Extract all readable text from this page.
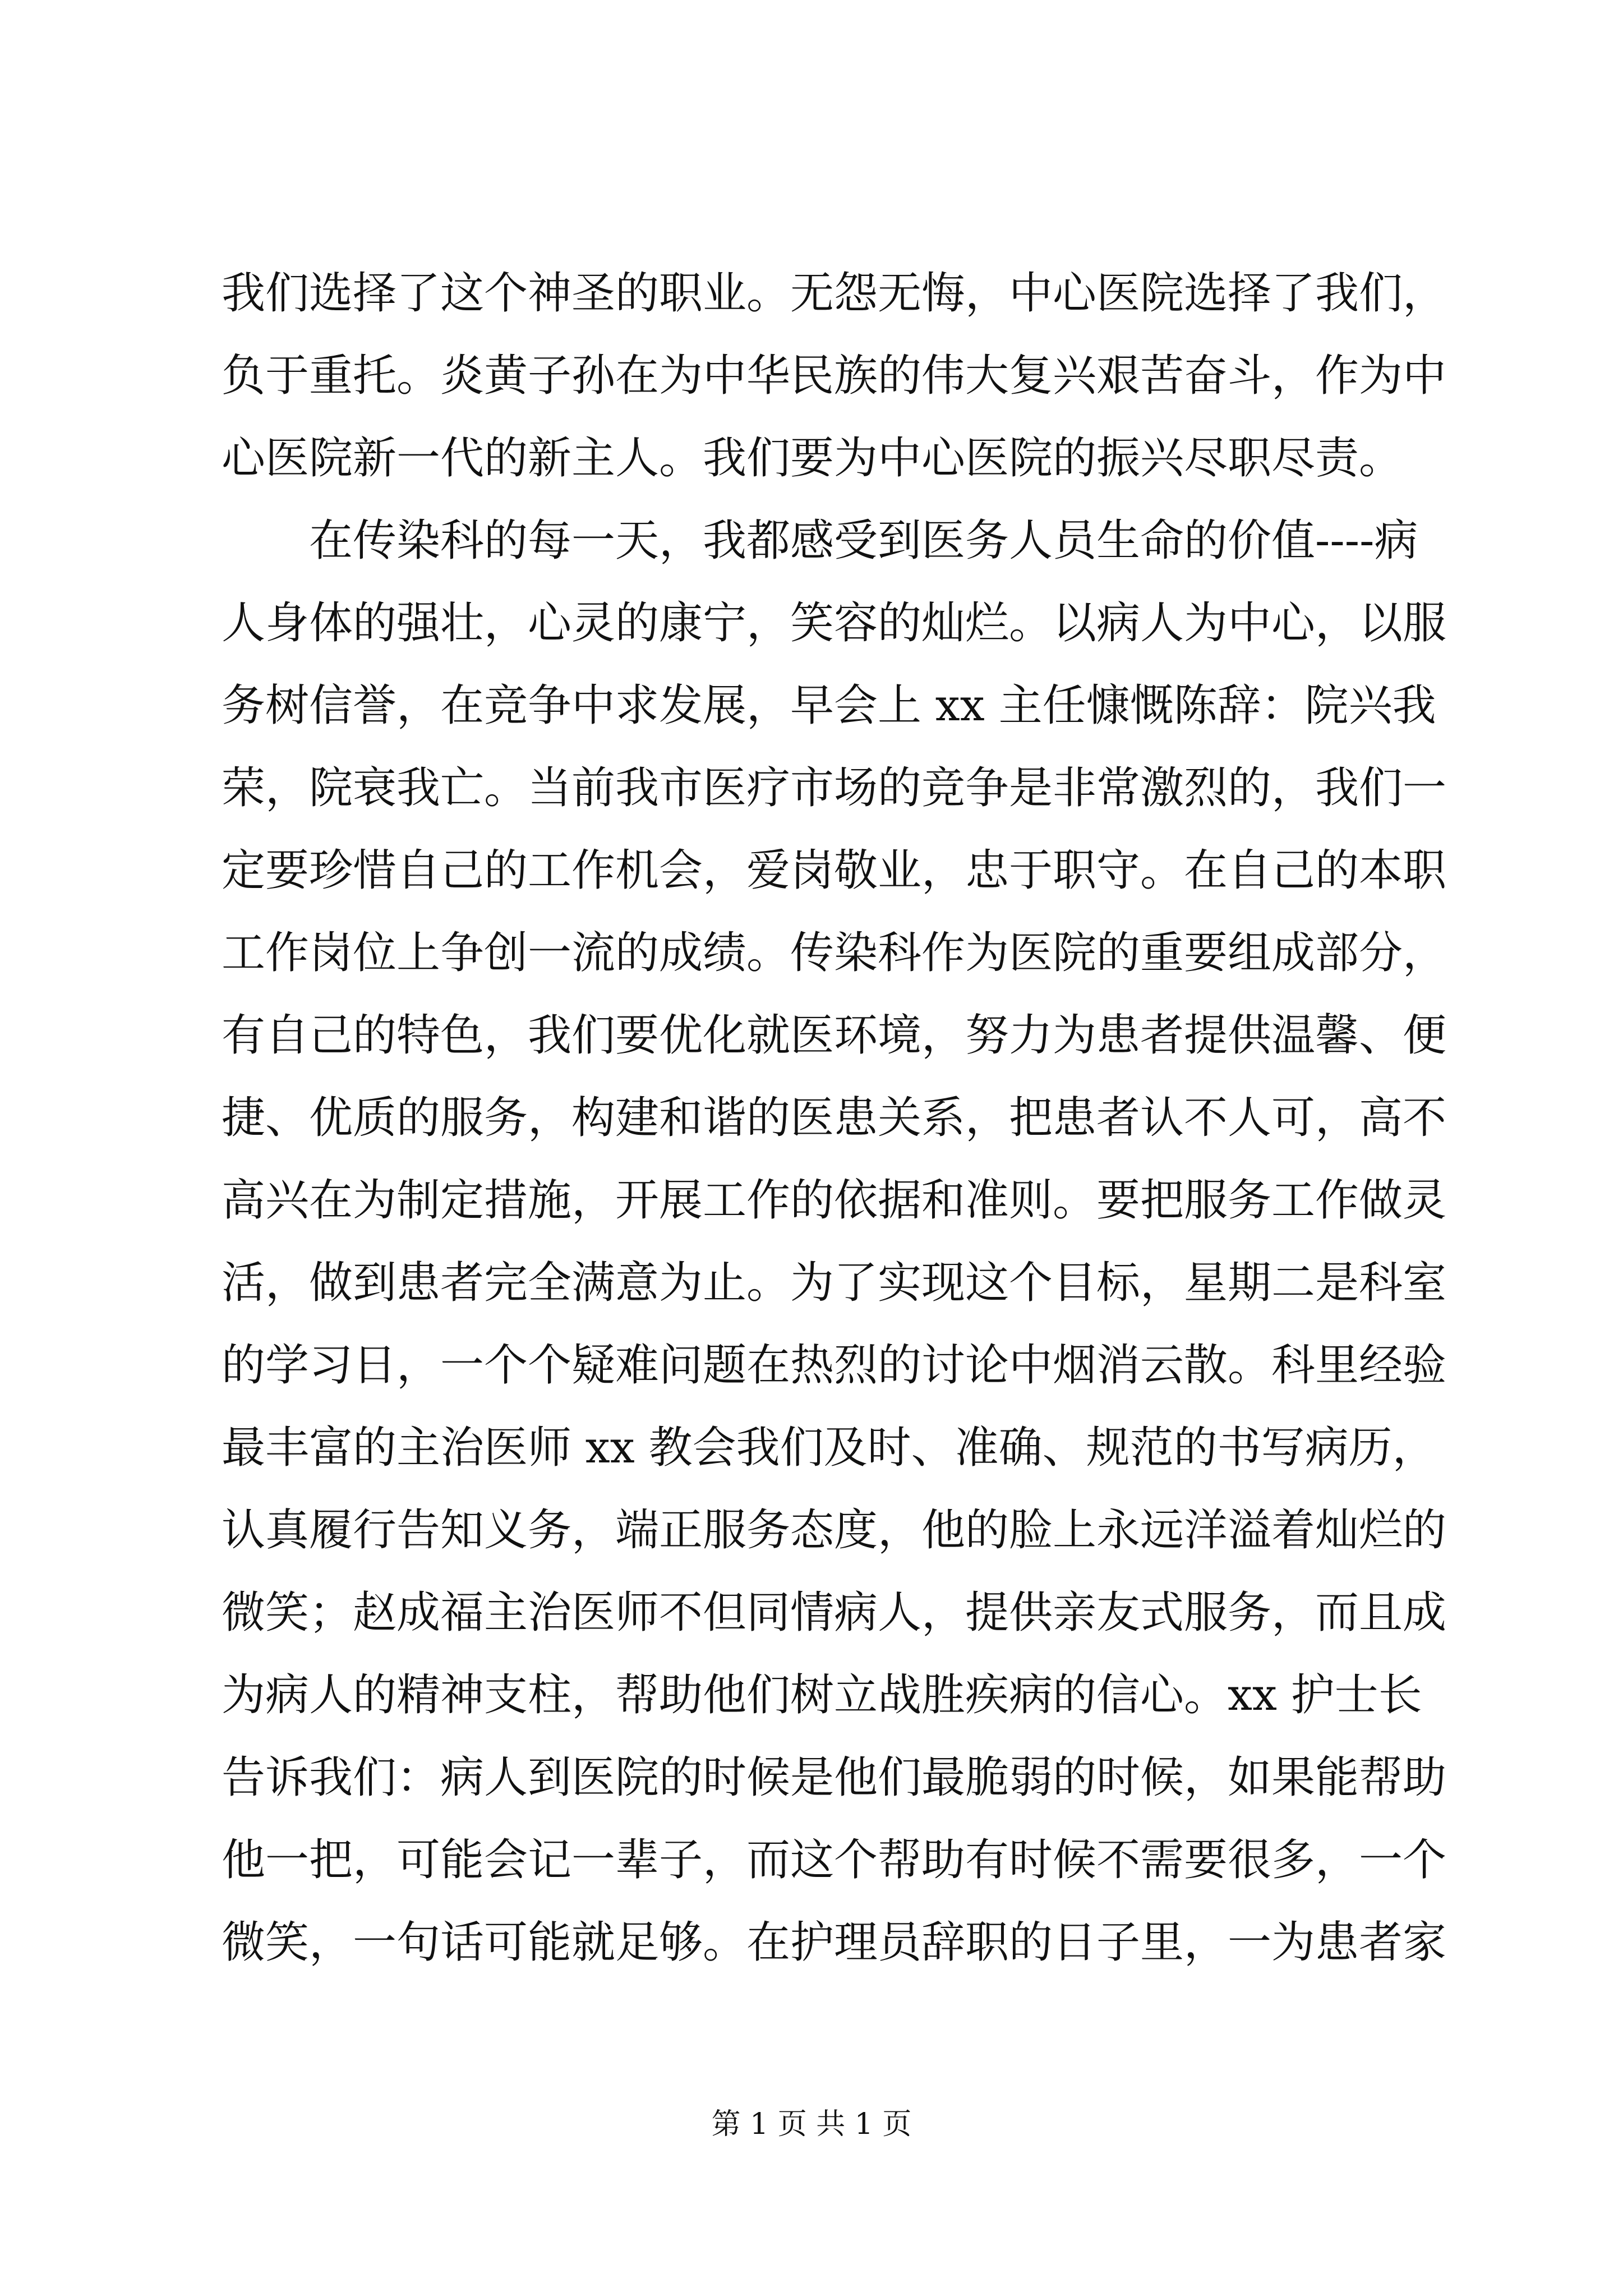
我们选择了这个神圣的职业。无怨无悔，中心医院选择了我们，
负于重托。炎黄子孙在为中华民族的伟大复兴艰苦奋斗，作为中
心医院新一代的新主人。我们要为中心医院的振兴尽职尽责。
在传染科的每一天，我都感受到医务人员生命的价值----病
人身体的强壮，心灵的康宁，笑容的灿烂。以病人为中心，以服
务树信誉，在竞争中求发展，早会上 xx 主任慷慨陈辞：院兴我
荣，院衰我亡。当前我市医疗市场的竞争是非常激烈的，我们一
定要珍惜自己的工作机会，爱岗敬业，忠于职守。在自己的本职
工作岗位上争创一流的成绩。传染科作为医院的重要组成部分，
有自己的特色，我们要优化就医环境，努力为患者提供温馨、便
捷、优质的服务，构建和谐的医患关系，把患者认不人可，高不
高兴在为制定措施，开展工作的依据和准则。要把服务工作做灵
活，做到患者完全满意为止。为了实现这个目标，星期二是科室
的学习日，一个个疑难问题在热烈的讨论中烟消云散。科里经验
最丰富的主治医师 xx 教会我们及时、准确、规范的书写病历，
认真履行告知义务，端正服务态度，他的脸上永远洋溢着灿烂的
微笑；赵成福主治医师不但同情病人，提供亲友式服务，而且成
为病人的精神支柱，帮助他们树立战胜疾病的信心。xx 护士长
告诉我们：病人到医院的时候是他们最脆弱的时候，如果能帮助
他一把，可能会记一辈子，而这个帮助有时候不需要很多，一个
微笑，一句话可能就足够。在护理员辞职的日子里，一为患者家
第 1 页 共 1 页
